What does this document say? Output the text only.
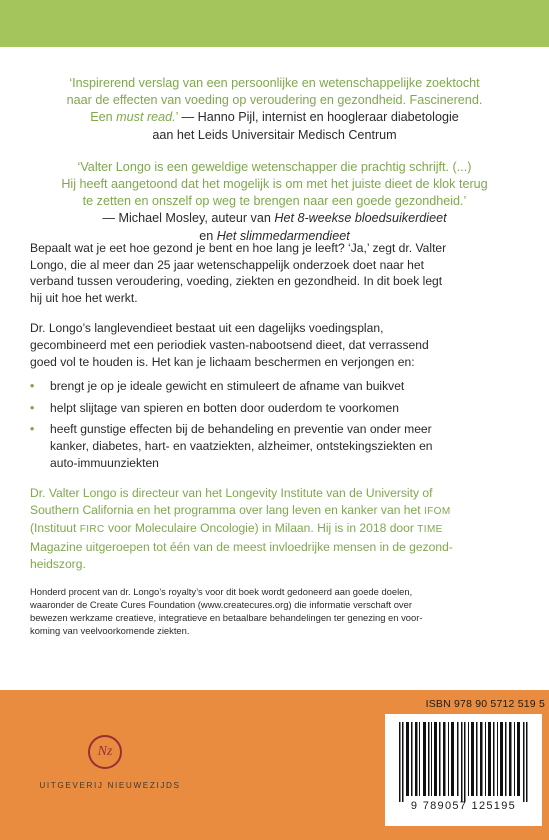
‘Inspirerend verslag van een persoonlijke en wetenschappelijke zoektocht
naar de effecten van voeding op veroudering en gezondheid. Fascinerend.
Een must read.’ — Hanno Pijl, internist en hoogleraar diabetologie
aan het Leids Universitair Medisch Centrum

‘Valter Longo is een geweldige wetenschapper die prachtig schrijft. (...)
Hij heeft aangetoond dat het mogelijk is om met het juiste dieet de klok terug
te zetten en onszelf op weg te brengen naar een goede gezondheid.’
— Michael Mosley, auteur van Het 8-weekse bloedsuikerdieet
en Het slimmedarmendieet

Bepaalt wat je eet hoe gezond je bent en hoe lang je leeft? ‘Ja,’ zegt dr. Valter
Longo, die al meer dan 25 jaar wetenschappelijk onderzoek doet naar het
verband tussen veroudering, voeding, ziekten en gezondheid. In dit boek legt
hij uit hoe het werkt.

Dr. Longo’s langlevendieet bestaat uit een dagelijks voedingsplan,
gecombineerd met een periodiek vasten-nabootsend dieet, dat verrassend
goed vol te houden is. Het kan je lichaam beschermen en verjongen en:

• brengt je op je ideale gewicht en stimuleert de afname van buikvet
• helpt slijtage van spieren en botten door ouderdom te voorkomen
• heeft gunstige effecten bij de behandeling en preventie van onder meer
kanker, diabetes, hart- en vaatziekten, alzheimer, ontstekingsziekten en
auto-immuunziekten

Dr. Valter Longo is directeur van het Longevity Institute van de University of
Southern California en het programma over lang leven en kanker van het IFOM
(Instituut FIRC voor Moleculaire Oncologie) in Milaan. Hij is in 2018 door TIME
Magazine uitgeroepen tot één van de meest invloedrijke mensen in de gezond-
heidszorg.

Honderd procent van dr. Longo’s royalty’s voor dit boek wordt gedoneerd aan goede doelen,
waaronder de Create Cures Foundation (www.createcures.org) die informatie verschaft over
bewezen werkzame creatieve, integratieve en betaalbare behandelingen ter genezing en voor-
koming van veelvoorkomende ziekten.

Nz
UITGEVERIJ NIEUWEZIJDS
ISBN 978 90 5712 519 5
9 789057 125195
